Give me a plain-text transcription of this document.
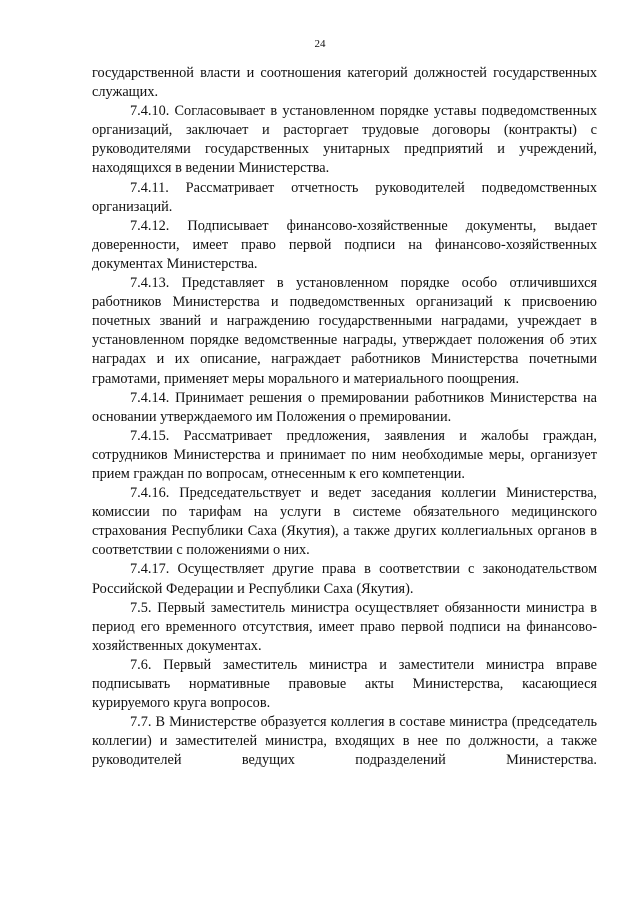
24

государственной власти и соотношения категорий должностей государственных служащих.

7.4.10. Согласовывает в установленном порядке уставы подведомственных организаций, заключает и расторгает трудовые договоры (контракты) с руководителями государственных унитарных предприятий и учреждений, находящихся в ведении Министерства.

7.4.11. Рассматривает отчетность руководителей подведомственных организаций.

7.4.12. Подписывает финансово-хозяйственные документы, выдает доверенности, имеет право первой подписи на финансово-хозяйственных документах Министерства.

7.4.13. Представляет в установленном порядке особо отличившихся работников Министерства и подведомственных организаций к присвоению почетных званий и награждению государственными наградами, учреждает в установленном порядке ведомственные награды, утверждает положения об этих наградах и их описание, награждает работников Министерства почетными грамотами, применяет меры морального и материального поощрения.

7.4.14. Принимает решения о премировании работников Министерства на основании утверждаемого им Положения о премировании.

7.4.15. Рассматривает предложения, заявления и жалобы граждан, сотрудников Министерства и принимает по ним необходимые меры, организует прием граждан по вопросам, отнесенным к его компетенции.

7.4.16. Председательствует и ведет заседания коллегии Министерства, комиссии по тарифам на услуги в системе обязательного медицинского страхования Республики Саха (Якутия), а также других коллегиальных органов в соответствии с положениями о них.

7.4.17. Осуществляет другие права в соответствии с законодательством Российской Федерации и Республики Саха (Якутия).

7.5. Первый заместитель министра осуществляет обязанности министра в период его временного отсутствия, имеет право первой подписи на финансово-хозяйственных документах.

7.6. Первый заместитель министра и заместители министра вправе подписывать нормативные правовые акты Министерства, касающиеся курируемого круга вопросов.

7.7. В Министерстве образуется коллегия в составе министра (председатель коллегии) и заместителей министра, входящих в нее по должности, а также руководителей ведущих подразделений Министерства.
